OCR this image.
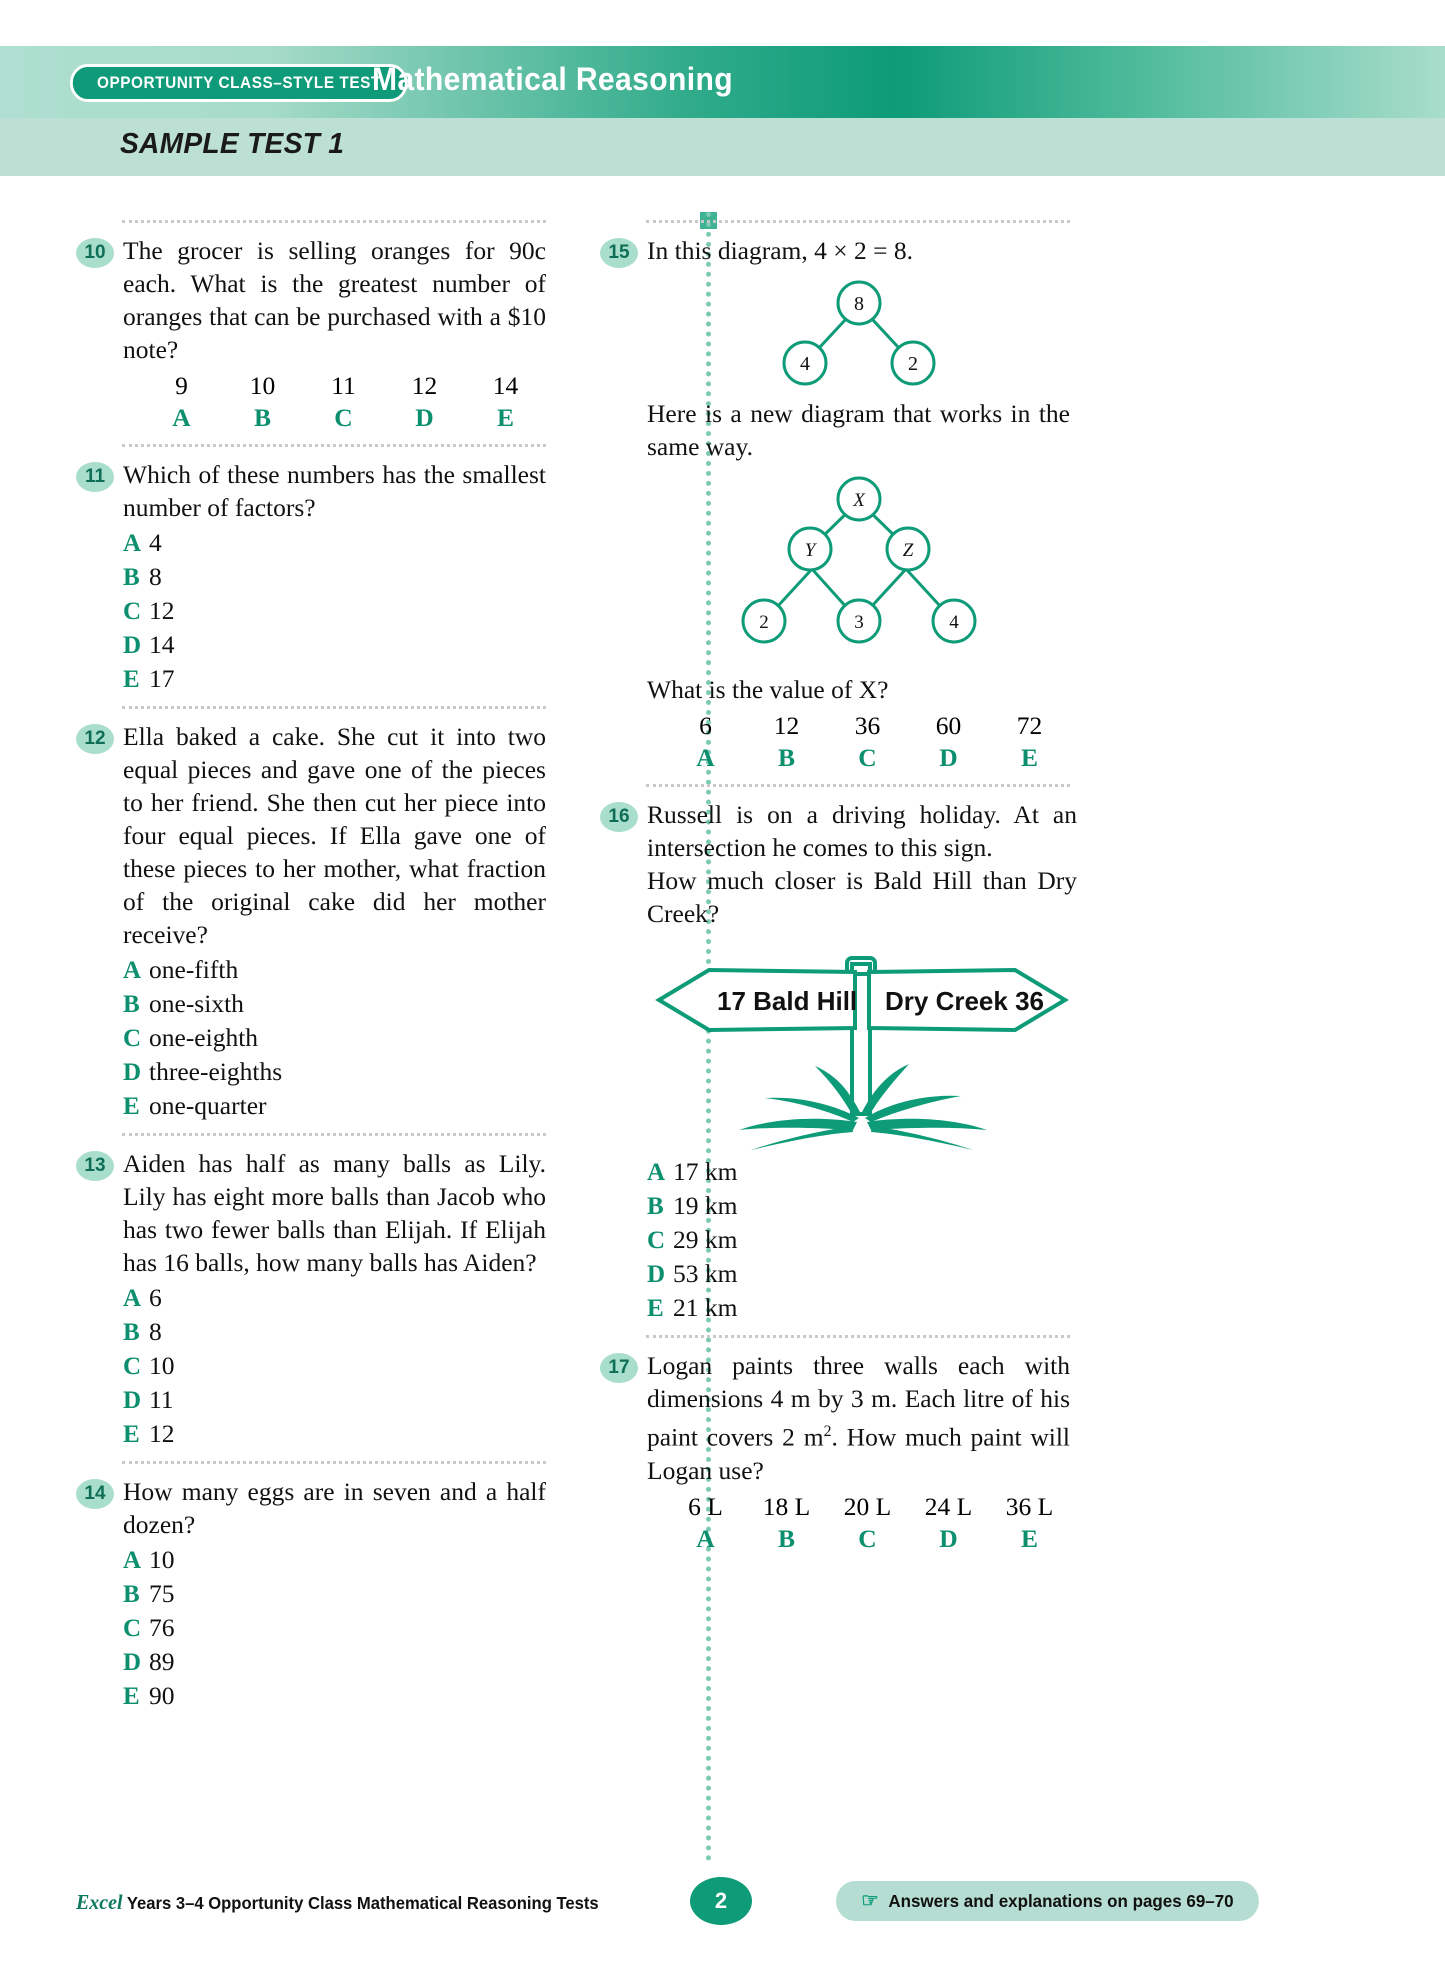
OPPORTUNITY CLASS–STYLE TEST
Mathematical Reasoning
SAMPLE TEST 1
10 The grocer is selling oranges for 90c each. What is the greatest number of oranges that can be purchased with a $10 note?
9	10	11	12	14
A	B	C	D	E
11 Which of these numbers has the smallest number of factors?
A 4
B 8
C 12
D 14
E 17
12 Ella baked a cake. She cut it into two equal pieces and gave one of the pieces to her friend. She then cut her piece into four equal pieces. If Ella gave one of these pieces to her mother, what fraction of the original cake did her mother receive?
A one-fifth
B one-sixth
C one-eighth
D three-eighths
E one-quarter
13 Aiden has half as many balls as Lily. Lily has eight more balls than Jacob who has two fewer balls than Elijah. If Elijah has 16 balls, how many balls has Aiden?
A 6
B 8
C 10
D 11
E 12
14 How many eggs are in seven and a half dozen?
A 10
B 75
C 76
D 89
E 90
15 In this diagram, 4 × 2 = 8.
8
4	2
Here is a new diagram that works in the same way.
X
Y	Z
2	3	4
What is the value of X?
6	12	36	60	72
A	B	C	D	E
16 Russell is on a driving holiday. At an intersection he comes to this sign.
How much closer is Bald Hill than Dry Creek?
17 Bald Hill Dry Creek 36
A 17 km
B 19 km
C 29 km
D 53 km
E 21 km
17 Logan paints three walls each with dimensions 4 m by 3 m. Each litre of his paint covers 2 $m^2$. How much paint will Logan use?
6 L	18 L	20 L	24 L	36 L
A	B	C	D	E
Excel Years 3–4 Opportunity Class Mathematical Reasoning Tests	2	☞ Answers and explanations on pages 69–70
